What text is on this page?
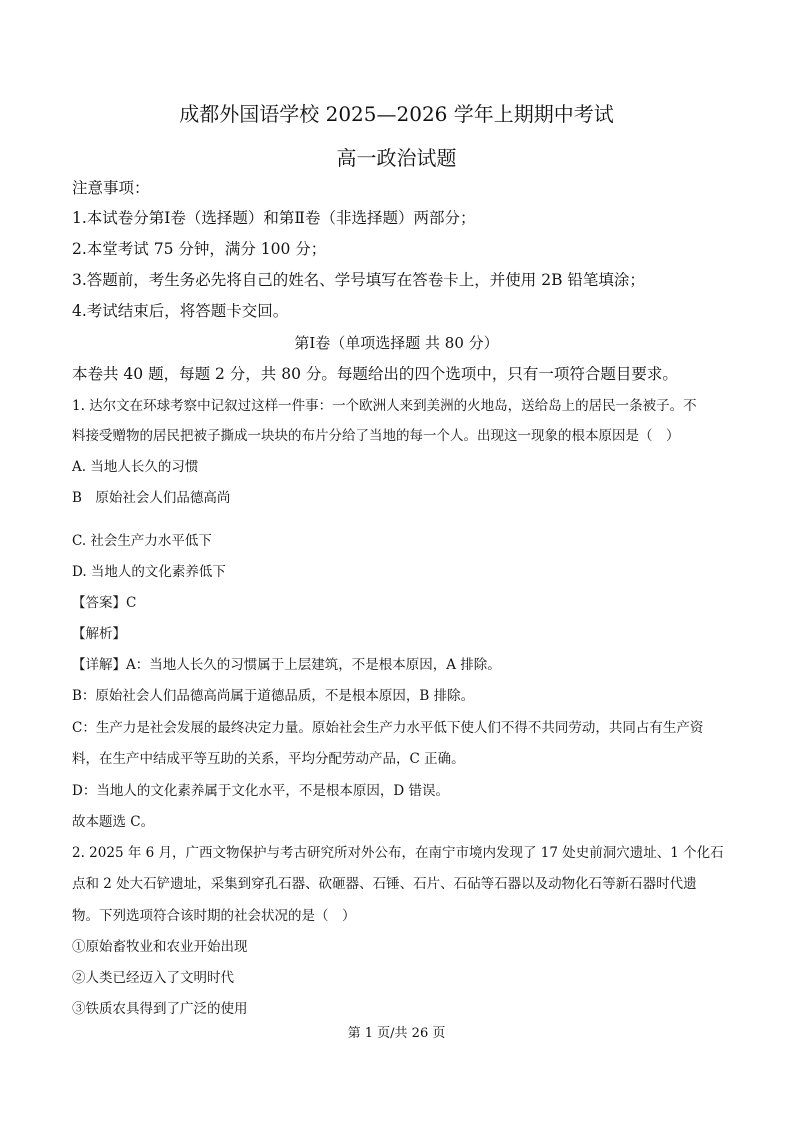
成都外国语学校 2025—2026 学年上期期中考试
高一政治试题
注意事项：
1.本试卷分第Ⅰ卷（选择题）和第Ⅱ卷（非选择题）两部分；
2.本堂考试 75 分钟，满分 100 分；
3.答题前，考生务必先将自己的姓名、学号填写在答卷卡上，并使用 2B 铅笔填涂；
4.考试结束后，将答题卡交回。
第Ⅰ卷（单项选择题 共 80 分）
本卷共 40 题，每题 2 分，共 80 分。每题给出的四个选项中，只有一项符合题目要求。
1. 达尔文在环球考察中记叙过这样一件事：一个欧洲人来到美洲的火地岛，送给岛上的居民一条被子。不
料接受赠物的居民把被子撕成一块块的布片分给了当地的每一个人。出现这一现象的根本原因是（　）
A. 当地人长久的习惯
B　原始社会人们品德高尚
C. 社会生产力水平低下
D. 当地人的文化素养低下
【答案】C
【解析】
【详解】A：当地人长久的习惯属于上层建筑，不是根本原因，A 排除。
B：原始社会人们品德高尚属于道德品质，不是根本原因，B 排除。
C：生产力是社会发展的最终决定力量。原始社会生产力水平低下使人们不得不共同劳动，共同占有生产资
料，在生产中结成平等互助的关系，平均分配劳动产品，C 正确。
D：当地人的文化素养属于文化水平，不是根本原因，D 错误。
故本题选 C。
2. 2025 年 6 月，广西文物保护与考古研究所对外公布，在南宁市境内发现了 17 处史前洞穴遗址、1 个化石
点和 2 处大石铲遗址，采集到穿孔石器、砍砸器、石锤、石片、石砧等石器以及动物化石等新石器时代遗
物。下列选项符合该时期的社会状况的是（　）
①原始畜牧业和农业开始出现
②人类已经迈入了文明时代
③铁质农具得到了广泛的使用
第 1 页/共 26 页
